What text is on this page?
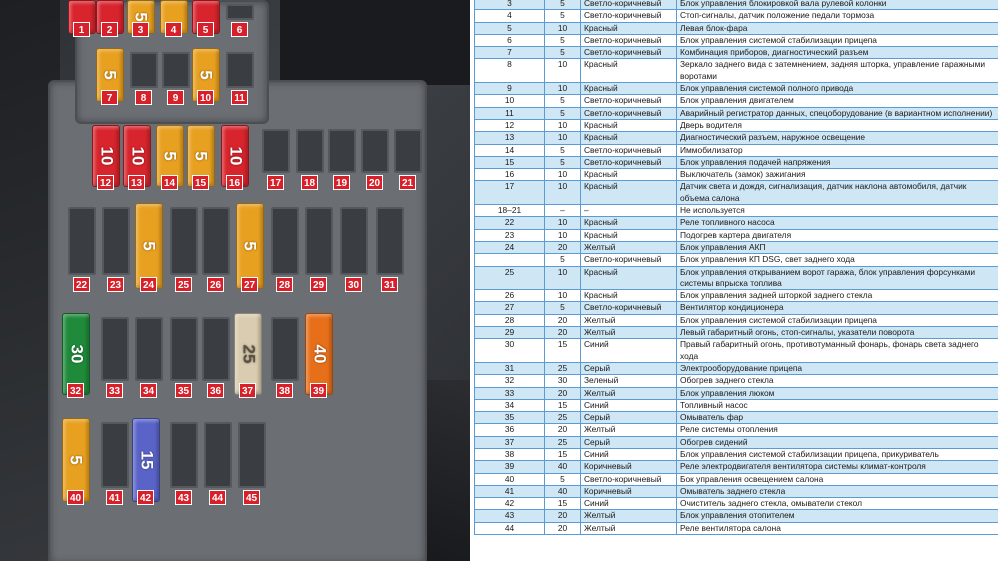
1	2
5
3	4	5	6
5
7	8	9
5
10	11
10
12
10
13
5
14
5
15
10
16	17 18 19 20 21
22 23
5
24 25 26
5
27 28 29 30 31
30
32	33 34 35 36
25
37	38
40
39
5
40	41
15
42	43 44 45
3	5	Светло-коричневый	Блок управления блокировкой вала рулевой колонки
4	5	Светло-коричневый	Стоп-сигналы, датчик положение педали тормоза
5	10	Красный	Левая блок-фара
6	5	Светло-коричневый	Блок управления системой стабилизации прицепа
7	5	Светло-коричневый	Комбинация приборов, диагностический разъем
8	10	Красный	Зеркало заднего вида с затемнением, задняя шторка, управление гаражными воротами
9	10	Красный	Блок управления системой полного привода
10	5	Светло-коричневый	Блок управления двигателем
11	5	Светло-коричневый	Аварийный регистратор данных, спецоборудование (в вариантном исполнении)
12	10	Красный	Дверь водителя
13	10	Красный	Диагностический разъем, наружное освещение
14	5	Светло-коричневый	Иммобилизатор
15	5	Светло-коричневый	Блок управления подачей напряжения
16	10	Красный	Выключатель (замок) зажигания
17	10	Красный	Датчик света и дождя, сигнализация, датчик наклона автомобиля, датчик объема салона
18–21	–	–	Не используется
22	10	Красный	Реле топливного насоса
23	10	Красный	Подогрев картера двигателя
24	20	Желтый	Блок управления АКП
	5	Светло-коричневый	Блок управления КП DSG, свет заднего хода
25	10	Красный	Блок управления открыванием ворот гаража, блок управления форсунками системы впрыска топлива
26	10	Красный	Блок управления задней шторкой заднего стекла
27	5	Светло-коричневый	Вентилятор кондиционера
28	20	Желтый	Блок управления системой стабилизации прицепа
29	20	Желтый	Левый габаритный огонь, стоп-сигналы, указатели поворота
30	15	Синий	Правый габаритный огонь, противотуманный фонарь, фонарь света заднего хода
31	25	Серый	Электрооборудование прицепа
32	30	Зеленый	Обогрев заднего стекла
33	20	Желтый	Блок управления люком
34	15	Синий	Топливный насос
35	25	Серый	Омыватель фар
36	20	Желтый	Реле системы отопления
37	25	Серый	Обогрев сидений
38	15	Синий	Блок управления системой стабилизации прицепа, прикуриватель
39	40	Коричневый	Реле электродвигателя вентилятора системы климат-контроля
40	5	Светло-коричневый	Бок управления освещением салона
41	40	Коричневый	Омыватель заднего стекла
42	15	Синий	Очиститель заднего стекла, омыватели стекол
43	20	Желтый	Блок управления отопителем
44	20	Желтый	Реле вентилятора салона
